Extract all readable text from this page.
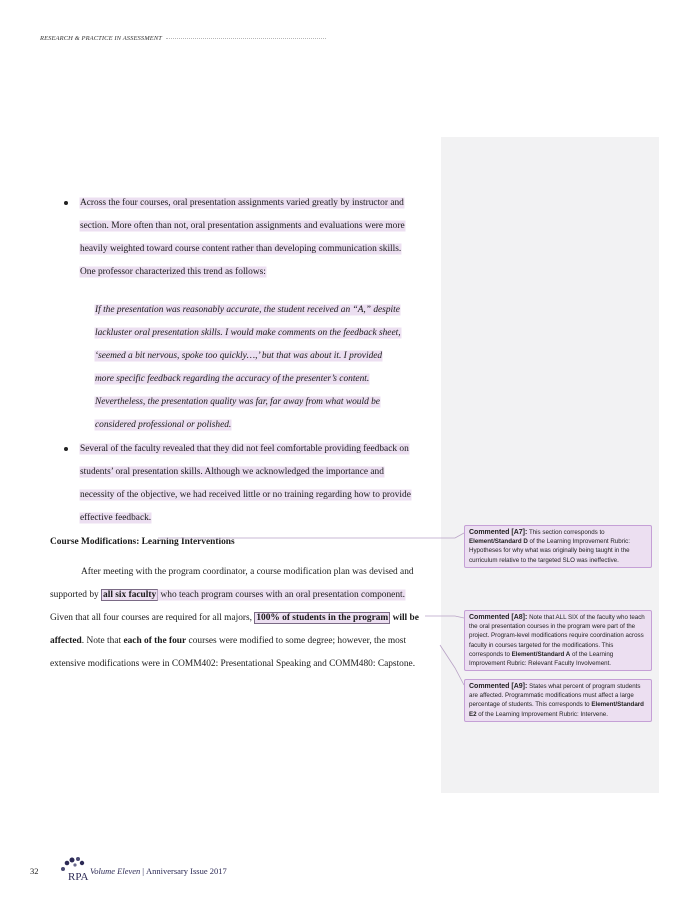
RESEARCH & PRACTICE IN ASSESSMENT
Across the four courses, oral presentation assignments varied greatly by instructor and
section. More often than not, oral presentation assignments and evaluations were more
heavily weighted toward course content rather than developing communication skills.
One professor characterized this trend as follows:
If the presentation was reasonably accurate, the student received an “A,” despite
lackluster oral presentation skills. I would make comments on the feedback sheet,
‘seemed a bit nervous, spoke too quickly…,’ but that was about it. I provided
more specific feedback regarding the accuracy of the presenter’s content.
Nevertheless, the presentation quality was far, far away from what would be
considered professional or polished.
Several of the faculty revealed that they did not feel comfortable providing feedback on
students’ oral presentation skills. Although we acknowledged the importance and
necessity of the objective, we had received little or no training regarding how to provide
effective feedback.
Course Modifications: Learning Interventions
After meeting with the program coordinator, a course modification plan was devised and
supported by all six faculty who teach program courses with an oral presentation component.
Given that all four courses are required for all majors, 100% of students in the program will be
affected. Note that each of the four courses were modified to some degree; however, the most
extensive modifications were in COMM402: Presentational Speaking and COMM480: Capstone.
Commented [A7]: This section corresponds to Element/Standard D of the Learning Improvement Rubric: Hypotheses for why what was originally being taught in the curriculum relative to the targeted SLO was ineffective.
Commented [A8]: Note that ALL SIX of the faculty who teach the oral presentation courses in the program were part of the project. Program-level modifications require coordination across faculty in courses targeted for the modifications. This corresponds to Element/Standard A of the Learning Improvement Rubric: Relevant Faculty Involvement.
Commented [A9]: States what percent of program students are affected. Programmatic modifications must affect a large percentage of students. This corresponds to Element/Standard E2 of the Learning Improvement Rubric: Intervene.
32	RPA Volume Eleven | Anniversary Issue 2017
